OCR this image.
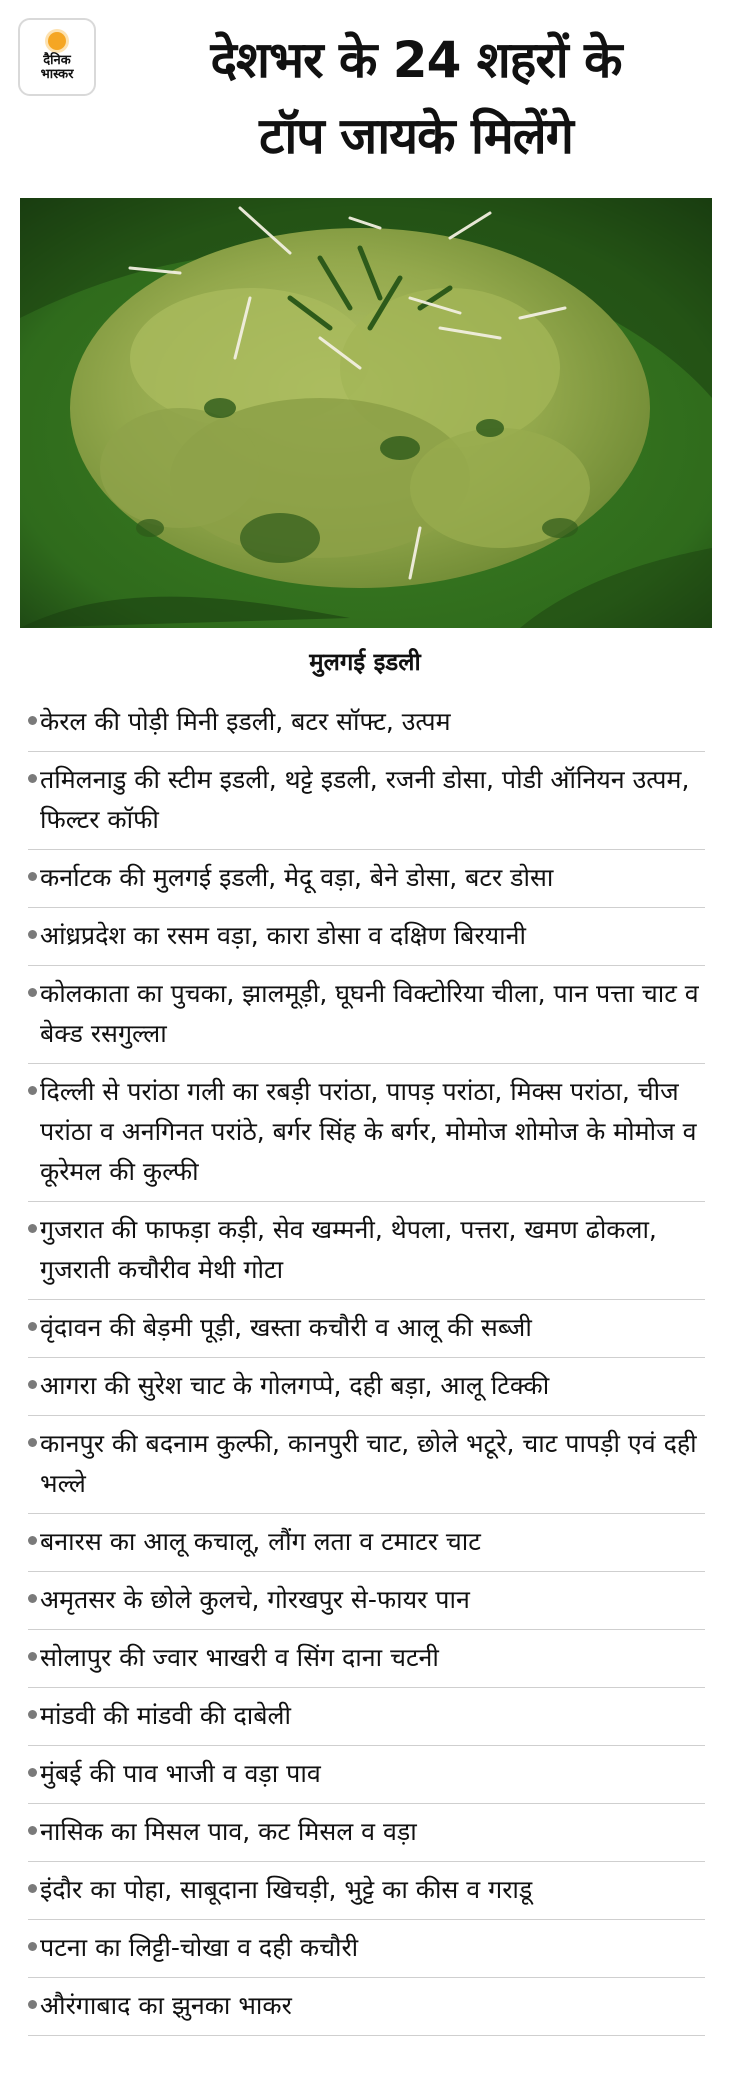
दैनिक
भास्कर	देशभर के 24 शहरों के
टॉप जायके मिलेंगे
मुलगई इडली
केरल की पोड़ी मिनी इडली, बटर सॉफ्ट, उत्पम
तमिलनाडु की स्टीम इडली, थट्टे इडली, रजनी डोसा, पोडी ऑनियन उत्पम, फिल्टर कॉफी
कर्नाटक की मुलगई इडली, मेदू वड़ा, बेने डोसा, बटर डोसा
आंध्रप्रदेश का रसम वड़ा, कारा डोसा व दक्षिण बिरयानी
कोलकाता का पुचका, झालमूड़ी, घूघनी विक्टोरिया चीला, पान पत्ता चाट व बेक्ड रसगुल्ला
दिल्ली से परांठा गली का रबड़ी परांठा, पापड़ परांठा, मिक्स परांठा, चीज परांठा व अनगिनत परांठे, बर्गर सिंह के बर्गर, मोमोज शोमोज के मोमोज व कूरेमल की कुल्फी
गुजरात की फाफड़ा कड़ी, सेव खम्मनी, थेपला, पत्तरा, खमण ढोकला, गुजराती कचौरीव मेथी गोटा
वृंदावन की बेड़मी पूड़ी, खस्ता कचौरी व आलू की सब्जी
आगरा की सुरेश चाट के गोलगप्पे, दही बड़ा, आलू टिक्की
कानपुर की बदनाम कुल्फी, कानपुरी चाट, छोले भटूरे, चाट पापड़ी एवं दही भल्ले
बनारस का आलू कचालू, लौंग लता व टमाटर चाट
अमृतसर के छोले कुलचे, गोरखपुर से-फायर पान
सोलापुर की ज्वार भाखरी व सिंग दाना चटनी
मांडवी की मांडवी की दाबेली
मुंबई की पाव भाजी व वड़ा पाव
नासिक का मिसल पाव, कट मिसल व वड़ा
इंदौर का पोहा, साबूदाना खिचड़ी, भुट्टे का कीस व गराडू
पटना का लिट्टी-चोखा व दही कचौरी
औरंगाबाद का झुनका भाकर
